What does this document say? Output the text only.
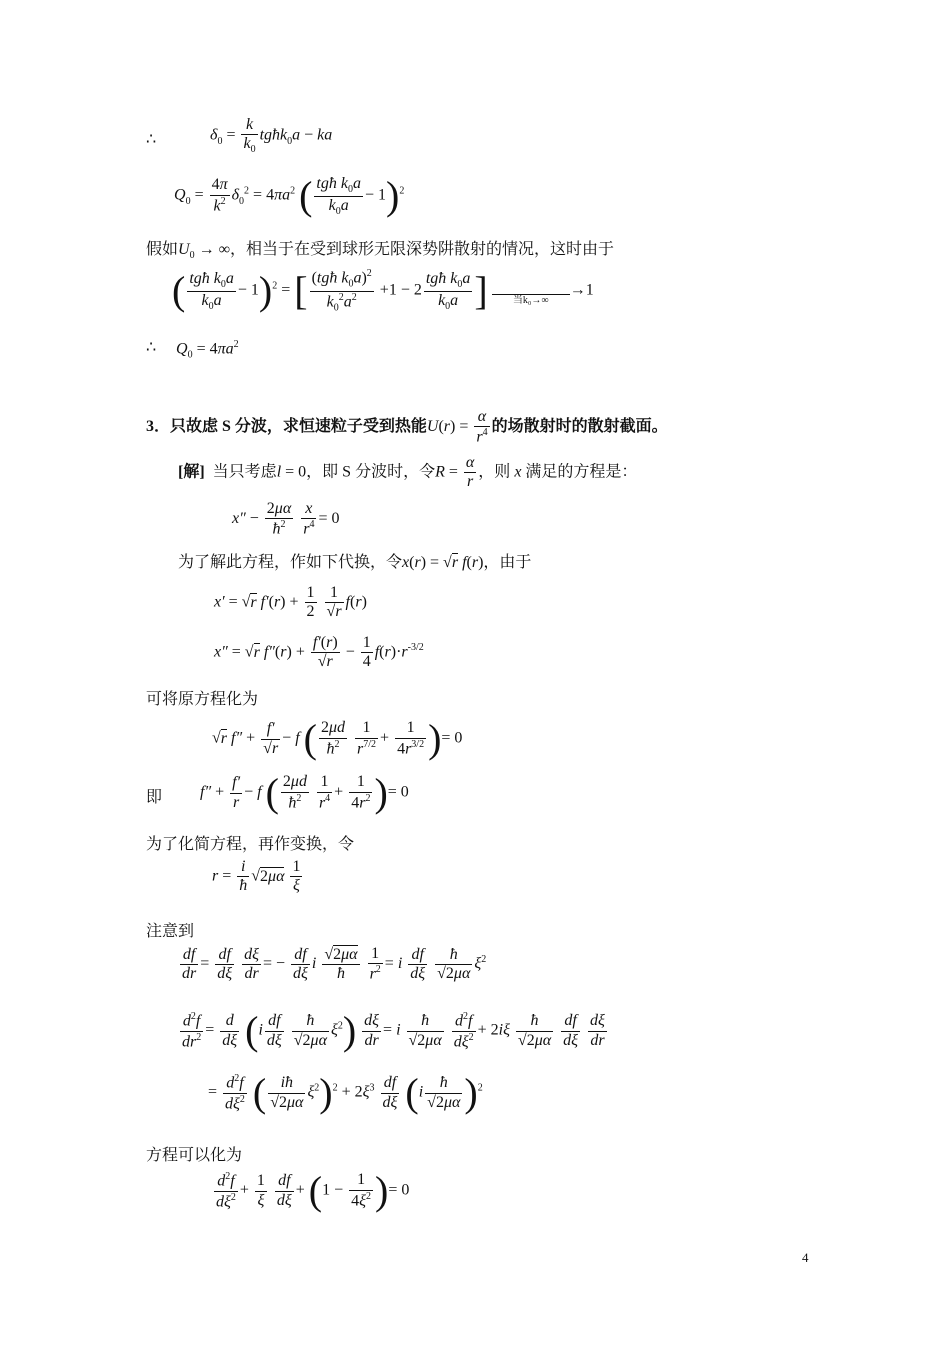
∴	$\delta_0 = \frac{k}{k_0}$ tgħk$_0$a − ka
$Q_0 = \frac{4\pi}{k^2} \delta_0^2 = 4\pi a^2$ ( $\frac{tgħ k_0a}{k_0a} - 1)^2$
假如$U_0$ → ∞，相当于在受到球形无限深势阱散射的情况，这时由于
( $\frac{tgħ k_0a}{k_0a} - 1)^2$ = [ $\frac{(tgħ k_0a)^2}{k_0^2a^2} +1 - 2 \frac{tgħ k_0a}{k_0a}$ ]
	当k₀→∞
→1
∴ $Q_0 = 4\pi a^2$
3．只故虑 S 分波，求恒速粒子受到热能$U(r) = \frac{\alpha}{r^4}$ 的场散射时的散射截面。
[解]  当只考虑l = 0，即 S 分波时，令$R = \frac{\alpha}{r}$ ，则 x 满足的方程是：
$x'' - \frac{2\mu\alpha}{ħ^2}$
$\frac{x}{r^4} = 0$
为了解此方程，作如下代换，令x(r) = √r f(r)，由于
x′ = √r $f'(r) + \frac{1}{2}$
$\frac{1}{√r} f(r)$
x″ = √r $f''(r) + \frac{f'(r)}{√r} - \frac{1}{4} f(r)\cdot r^{-3/2}$
可将原方程化为
√r $f'' + \frac{f'}{√r} - f$ ( $\frac{2\mu d}{ħ^2}$
$\frac{1}{r^{7/2}} + \frac{1}{4r^{3/2}}$ )= 0
即 $f'' + \frac{f'}{r} - f$ ( $\frac{2\mu d}{ħ^2}$
$\frac{1}{r^4} + \frac{1}{4r^2}$ )= 0
为了化简方程，再作变换，令
$r = \frac{i}{ħ} √2\mu\alpha \frac{1}{\xi}$
注意到
$\frac{df}{dr} = \frac{df}{d\xi}$
$\frac{d\xi}{dr}$ = − $\frac{df}{d\xi}$ i $\frac{√2\mu\alpha}{ħ}$
$\frac{1}{r^2} = i \frac{df}{d\xi}$
$\frac{ħ}{√2\mu\alpha} \xi^2$
$\frac{d^2f}{dr^2} = \frac{d}{d\xi} (i \frac{df}{d\xi}$
$\frac{ħ}{√2\mu\alpha} \xi^2) \frac{d\xi}{dr} = i \frac{ħ}{√2\mu\alpha}$
$\frac{d^2f}{d\xi^2} + 2i\xi \frac{ħ}{√2\mu\alpha}$
$\frac{df}{d\xi}$
$\frac{d\xi}{dr}$
= $\frac{d^2f}{d\xi^2}$ ( $\frac{iħ}{√2\mu\alpha} \xi^2)^2 + 2\xi^3 \frac{df}{d\xi} (i \frac{ħ}{√2\mu\alpha} )^2$
方程可以化为
$\frac{d^2f}{d\xi^2} + \frac{1}{\xi}$
$\frac{df}{d\xi} + (1 - \frac{1}{4\xi^2}$ )= 0
4
